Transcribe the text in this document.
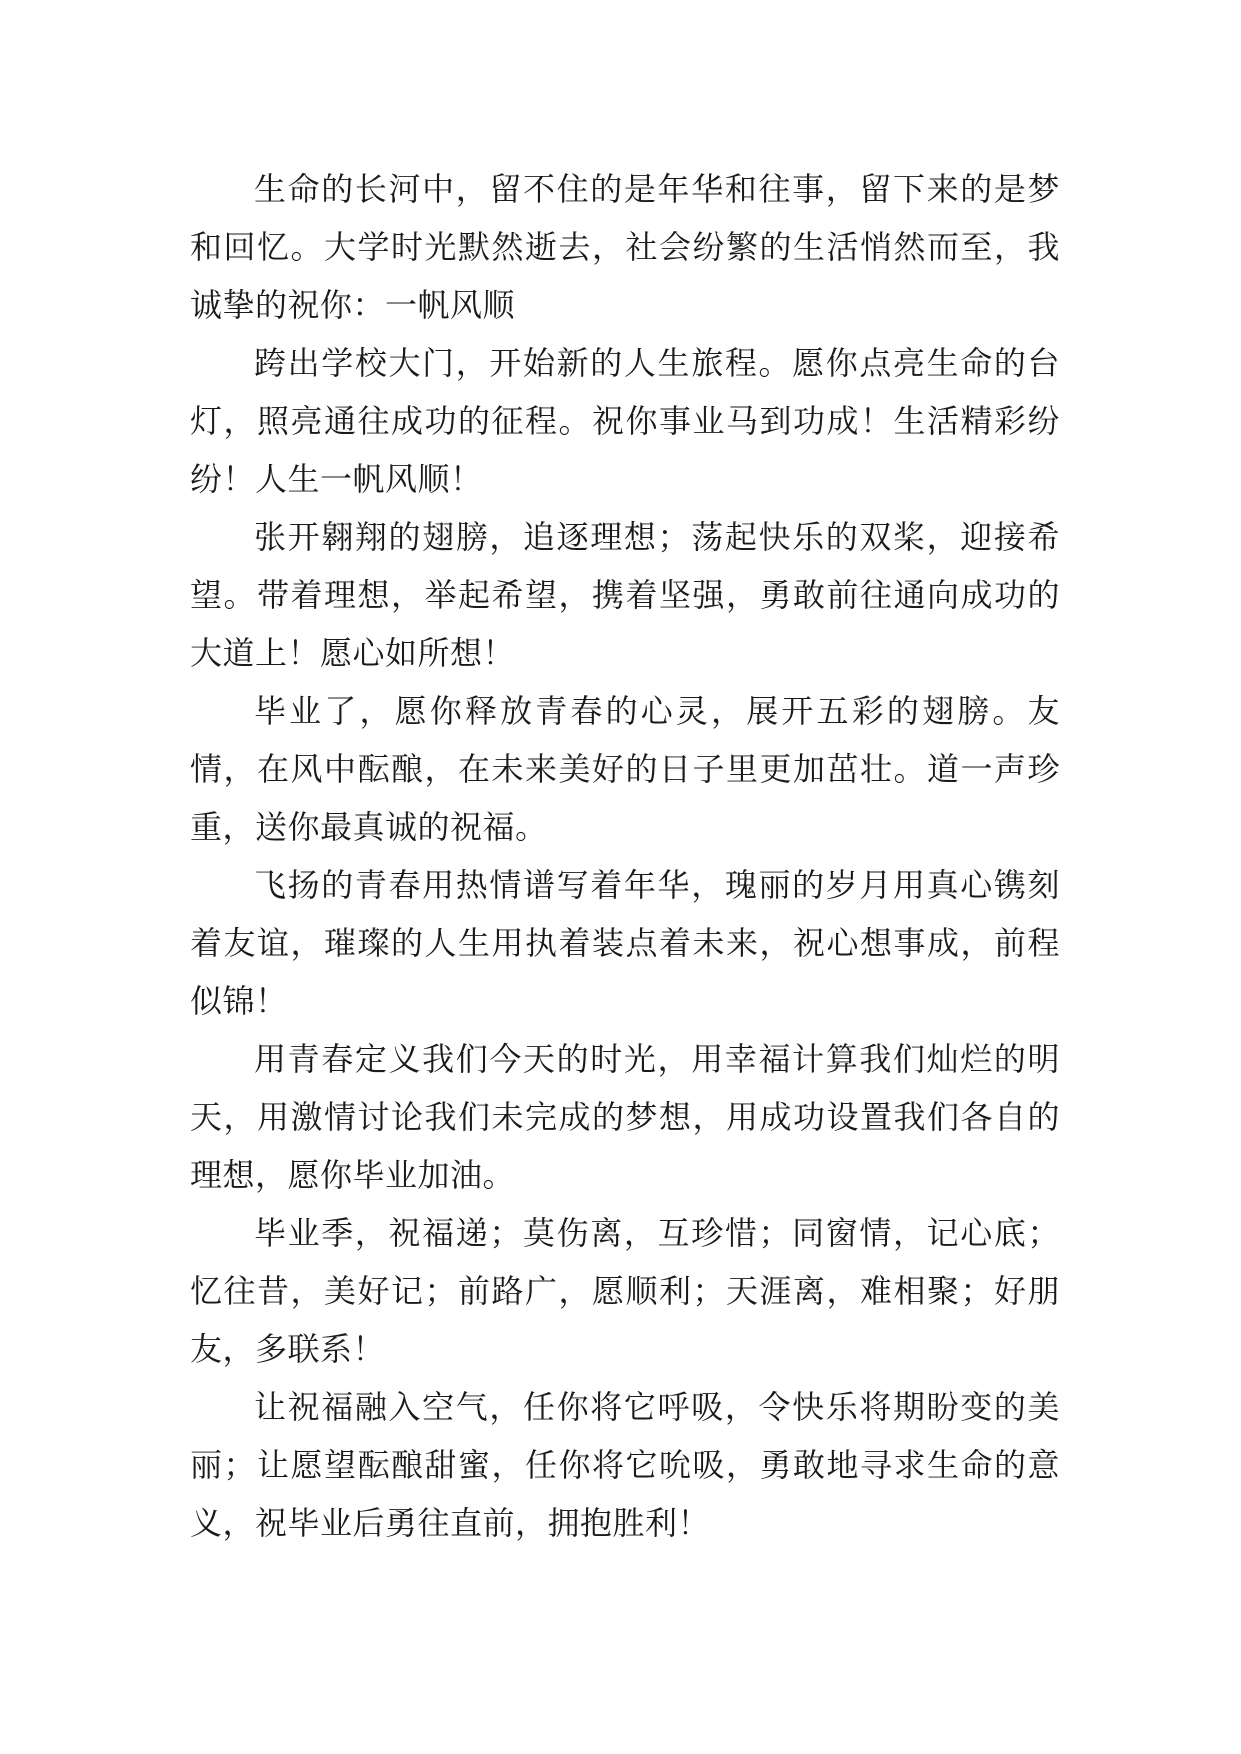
生命的长河中，留不住的是年华和往事，留下来的是梦和回忆。大学时光默然逝去，社会纷繁的生活悄然而至，我诚挚的祝你：一帆风顺

跨出学校大门，开始新的人生旅程。愿你点亮生命的台灯，照亮通往成功的征程。祝你事业马到功成！生活精彩纷纷！人生一帆风顺！

张开翱翔的翅膀，追逐理想；荡起快乐的双桨，迎接希望。带着理想，举起希望，携着坚强，勇敢前往通向成功的大道上！愿心如所想！

毕业了，愿你释放青春的心灵，展开五彩的翅膀。友情，在风中酝酿，在未来美好的日子里更加茁壮。道一声珍重，送你最真诚的祝福。

飞扬的青春用热情谱写着年华，瑰丽的岁月用真心镌刻着友谊，璀璨的人生用执着装点着未来，祝心想事成，前程似锦！

用青春定义我们今天的时光，用幸福计算我们灿烂的明天，用激情讨论我们未完成的梦想，用成功设置我们各自的理想，愿你毕业加油。

毕业季，祝福递；莫伤离，互珍惜；同窗情，记心底；忆往昔，美好记；前路广，愿顺利；天涯离，难相聚；好朋友，多联系！

让祝福融入空气，任你将它呼吸，令快乐将期盼变的美丽；让愿望酝酿甜蜜，任你将它吮吸，勇敢地寻求生命的意义，祝毕业后勇往直前，拥抱胜利！
